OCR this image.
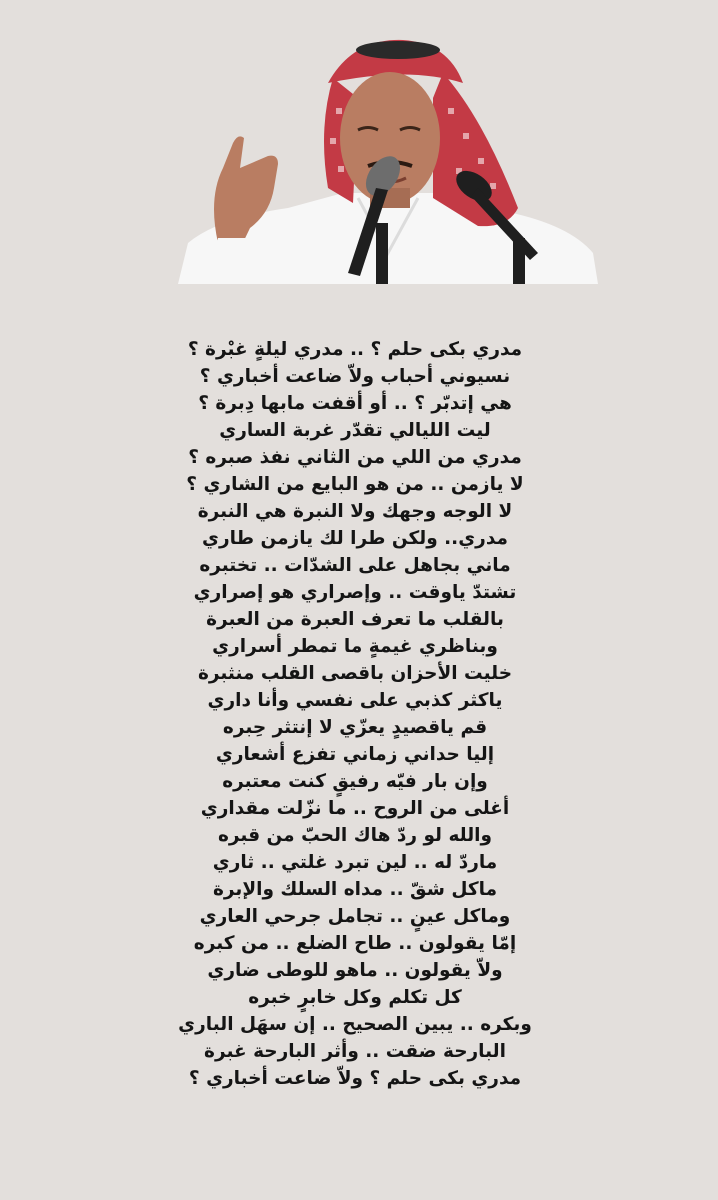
مدري بكى حلم ؟ .. مدري ليلةٍ غبْرة ؟
نسيوني أحباب ولاّ ضاعت أخباري ؟
هي إتدبّر ؟ .. أو أقفت مابها دِبرة ؟
ليت الليالي تقدّر غربة الساري
مدري من اللي من الثاني نفذ صبره ؟
لا يازمن .. من هو البايع من الشاري ؟
لا الوجه وجهك ولا النبرة هي النبرة
مدري.. ولكن طرا لك يازمن طاري
ماني بجاهل على الشدّات .. تختبره
تشتدّ ياوقت .. وإصراري هو إصراري
بالقلب ما تعرف العبرة من العبرة
وبناظري غيمةٍ ما تمطر أسراري
خليت الأحزان باقصى القلب منثبرة
ياكثر كذبي على نفسي وأنا داري
قم ياقصيدٍ يعزّي لا إنتثر حِبره
إليا حداني زماني تفزع أشعاري
وإن بار فيّه رفيقٍ كنت معتبره
أغلى من الروح .. ما نزّلت مقداري
والله لو ردّ هاك الحبّ من قبره
ماردّ له .. لين تبرد غلتي .. ثاري
ماكل شقّ .. مداه السلك والإبرة
وماكل عينٍ .. تجامل جرحي العاري
إمّا يقولون .. طاح الضلع .. من كبره
ولاّ يقولون .. ماهو للوطى ضاري
كل تكلم وكل خابرٍ خبره
وبكره .. يبين الصحيح .. إن سهَل الباري
البارحة ضقت .. وأثر البارحة غبرة
مدري بكى حلم ؟ ولاّ ضاعت أخباري ؟
